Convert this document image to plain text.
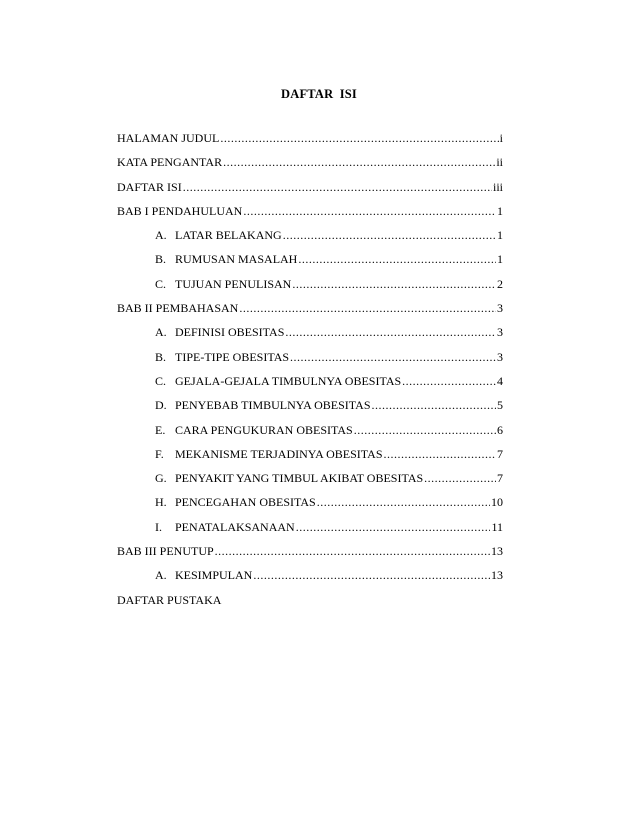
DAFTAR ISI
HALAMAN JUDUL .....	i
KATA PENGANTAR .....	ii
DAFTAR ISI .....	iii
BAB I PENDAHULUAN .....	1
A. LATAR BELAKANG .....	1
B. RUMUSAN MASALAH .....	1
C. TUJUAN PENULISAN .....	2
BAB II PEMBAHASAN .....	3
A. DEFINISI OBESITAS .....	3
B. TIPE-TIPE OBESITAS .....	3
C. GEJALA-GEJALA TIMBULNYA OBESITAS .....	4
D. PENYEBAB TIMBULNYA OBESITAS .....	5
E. CARA PENGUKURAN OBESITAS .....	6
F. MEKANISME TERJADINYA OBESITAS .....	7
G. PENYAKIT YANG TIMBUL AKIBAT OBESITAS .....	7
H. PENCEGAHAN OBESITAS .....	10
I.	PENATALAKSANAAN .....	11
BAB III PENUTUP .....	13
A. KESIMPULAN .....	13
DAFTAR PUSTAKA
